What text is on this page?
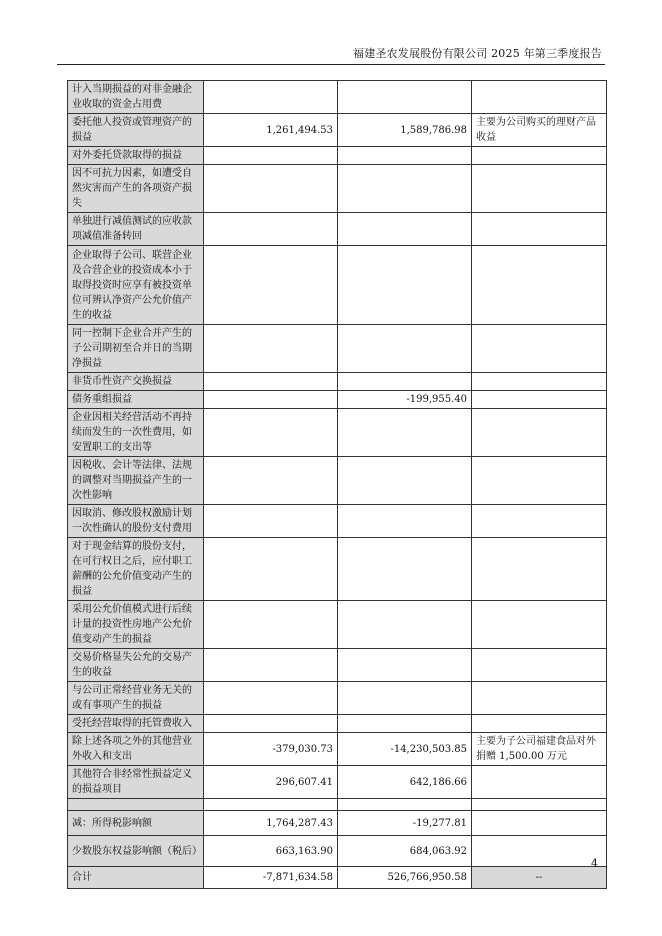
福建圣农发展股份有限公司 2025 年第三季度报告
计入当期损益的对非金融企业收取的资金占用费			
委托他人投资或管理资产的损益	1,261,494.53	1,589,786.98	主要为公司购买的理财产品收益
对外委托贷款取得的损益			
因不可抗力因素，如遭受自然灾害而产生的各项资产损失			
单独进行减值测试的应收款项减值准备转回			
企业取得子公司、联营企业及合营企业的投资成本小于取得投资时应享有被投资单位可辨认净资产公允价值产生的收益			
同一控制下企业合并产生的子公司期初至合并日的当期净损益			
非货币性资产交换损益			
债务重组损益		-199,955.40	
企业因相关经营活动不再持续而发生的一次性费用，如安置职工的支出等			
因税收、会计等法律、法规的调整对当期损益产生的一次性影响			
因取消、修改股权激励计划一次性确认的股份支付费用			
对于现金结算的股份支付，在可行权日之后，应付职工薪酬的公允价值变动产生的损益			
采用公允价值模式进行后续计量的投资性房地产公允价值变动产生的损益			
交易价格显失公允的交易产生的收益			
与公司正常经营业务无关的或有事项产生的损益			
受托经营取得的托管费收入			
除上述各项之外的其他营业外收入和支出	-379,030.73	-14,230,503.85	主要为子公司福建食品对外捐赠 1,500.00 万元
其他符合非经常性损益定义的损益项目	296,607.41	642,186.66	

减：所得税影响额	1,764,287.43	-19,277.81	
少数股东权益影响额（税后）	663,163.90	684,063.92	
合计	-7,871,634.58	526,766,950.58	--
4
